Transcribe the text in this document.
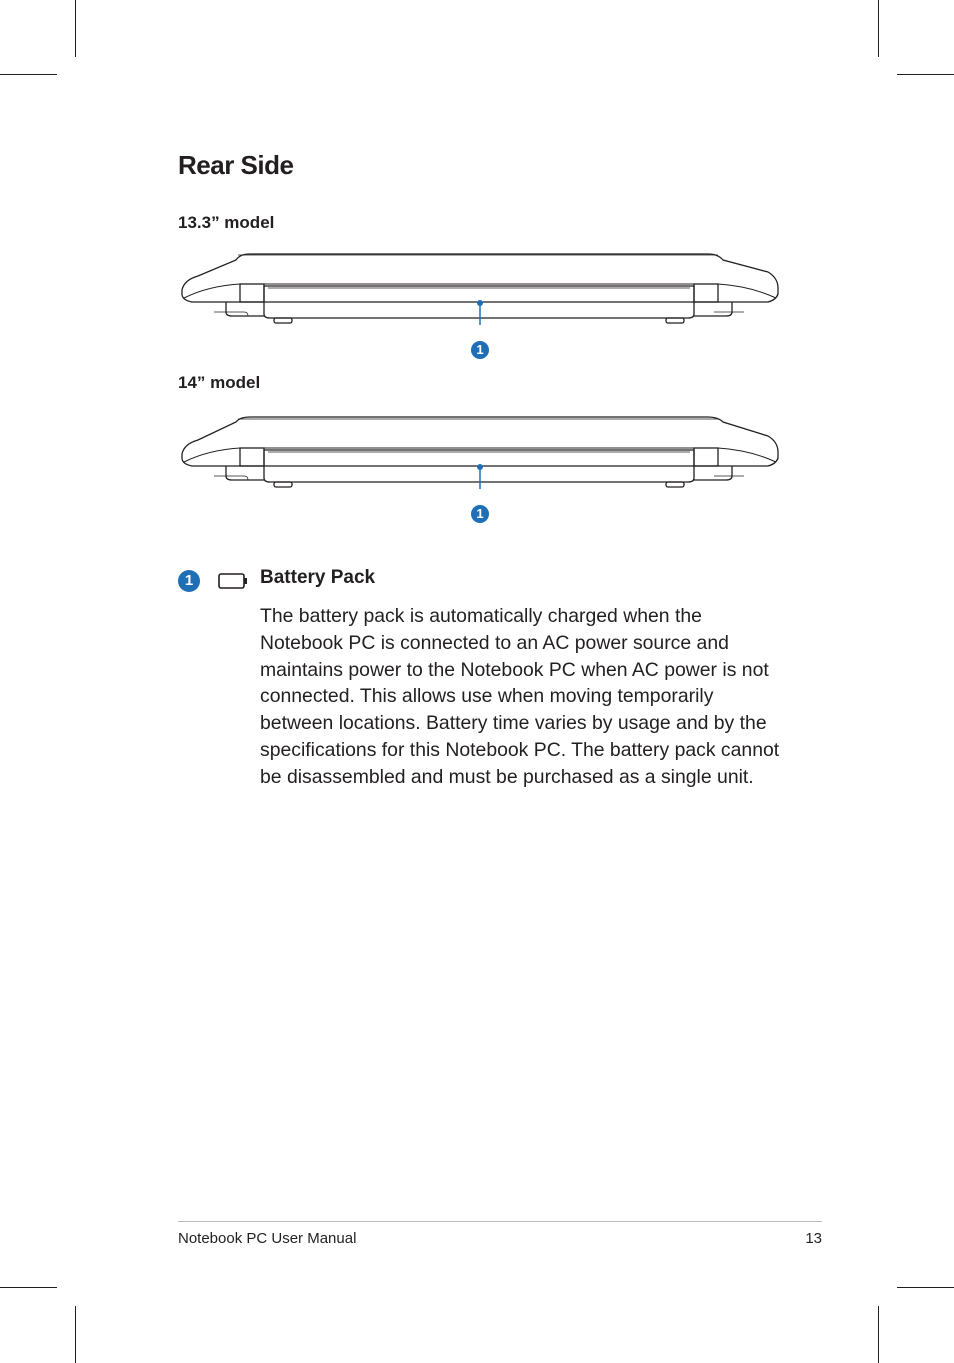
Rear Side
13.3” model
1
14” model
1
1	Battery Pack

The battery pack is automatically charged when the Notebook PC is connected to an AC power source and maintains power to the Notebook PC when AC power is not connected. This allows use when moving temporarily between locations. Battery time varies by usage and by the specifications for this Notebook PC. The battery pack cannot be disassembled and must be purchased as a single unit.

Notebook PC User Manual	13
